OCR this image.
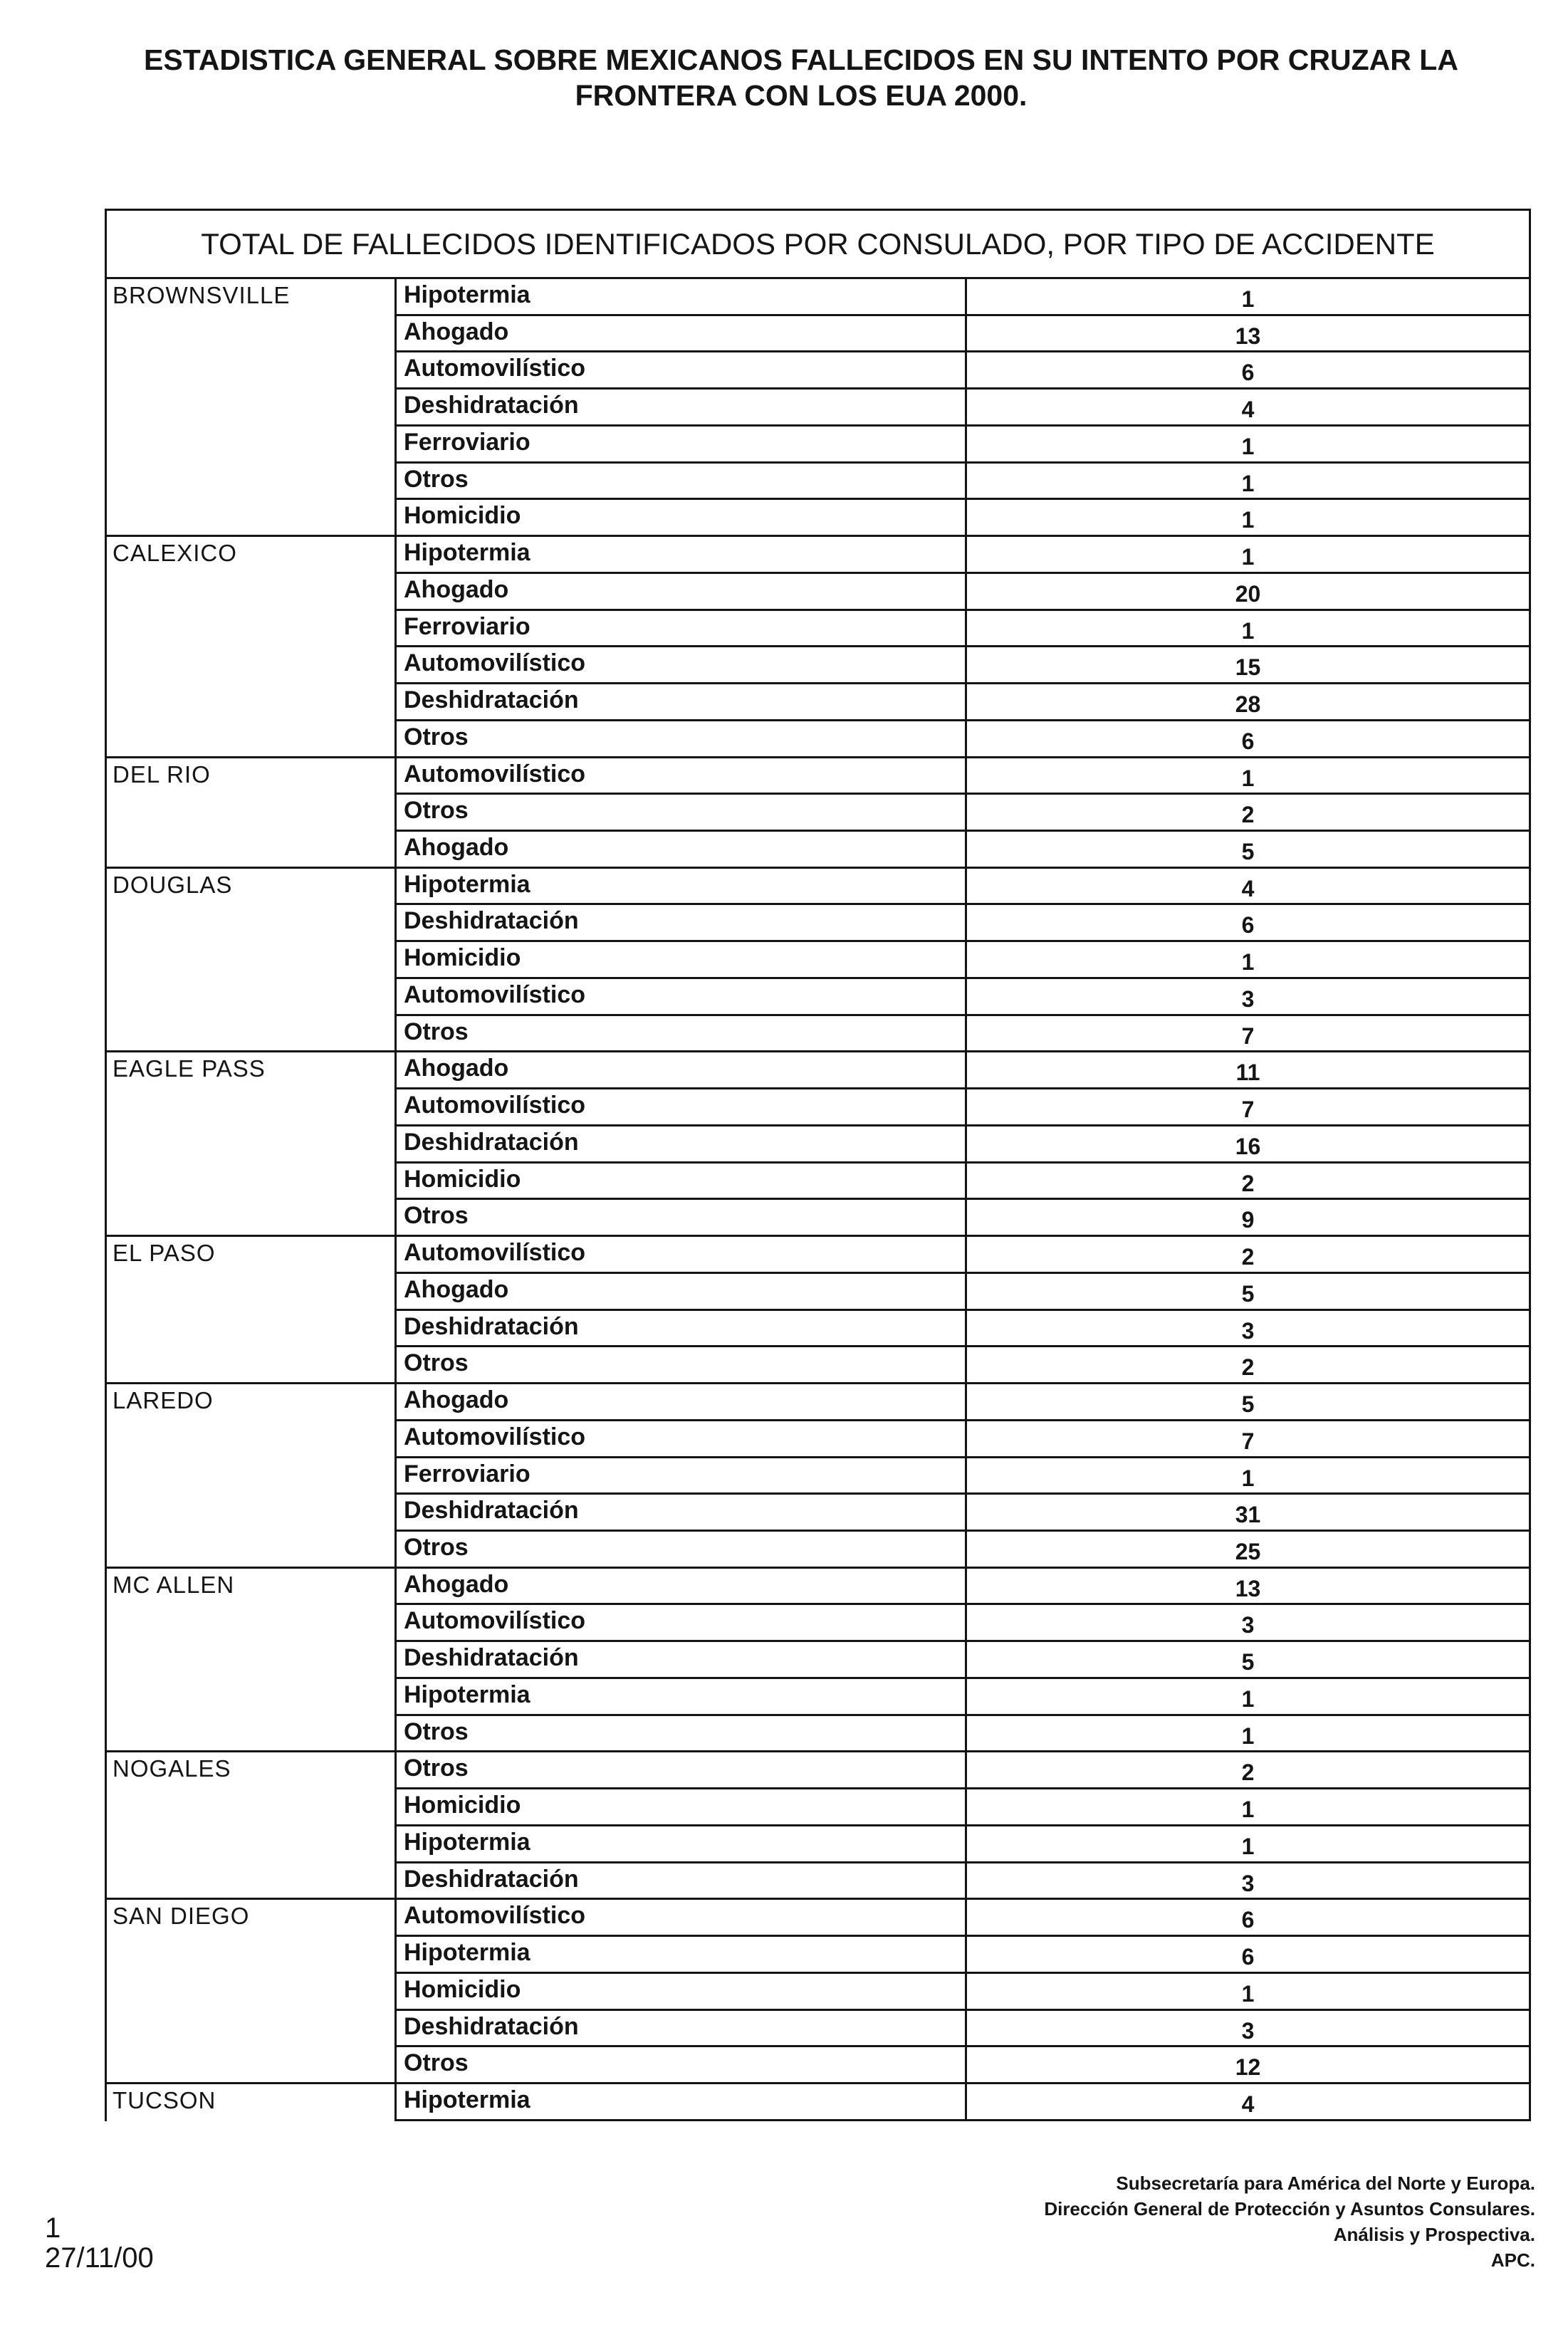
ESTADISTICA GENERAL SOBRE MEXICANOS FALLECIDOS EN SU INTENTO POR CRUZAR LA
FRONTERA CON LOS EUA 2000.
TOTAL DE FALLECIDOS IDENTIFICADOS POR CONSULADO, POR TIPO DE ACCIDENTE
BROWNSVILLE	Hipotermia	1
Ahogado	13
Automovilístico	6
Deshidratación	4
Ferroviario	1
Otros	1
Homicidio	1
CALEXICO	Hipotermia	1
Ahogado	20
Ferroviario	1
Automovilístico	15
Deshidratación	28
Otros	6
DEL RIO	Automovilístico	1
Otros	2
Ahogado	5
DOUGLAS	Hipotermia	4
Deshidratación	6
Homicidio	1
Automovilístico	3
Otros	7
EAGLE PASS	Ahogado	11
Automovilístico	7
Deshidratación	16
Homicidio	2
Otros	9
EL PASO	Automovilístico	2
Ahogado	5
Deshidratación	3
Otros	2
LAREDO	Ahogado	5
Automovilístico	7
Ferroviario	1
Deshidratación	31
Otros	25
MC ALLEN	Ahogado	13
Automovilístico	3
Deshidratación	5
Hipotermia	1
Otros	1
NOGALES	Otros	2
Homicidio	1
Hipotermia	1
Deshidratación	3
SAN DIEGO	Automovilístico	6
Hipotermia	6
Homicidio	1
Deshidratación	3
Otros	12
TUCSON	Hipotermia	4
Subsecretaría para América del Norte y Europa.
Dirección General de Protección y Asuntos Consulares.
Análisis y Prospectiva.
APC.
1
27/11/00
